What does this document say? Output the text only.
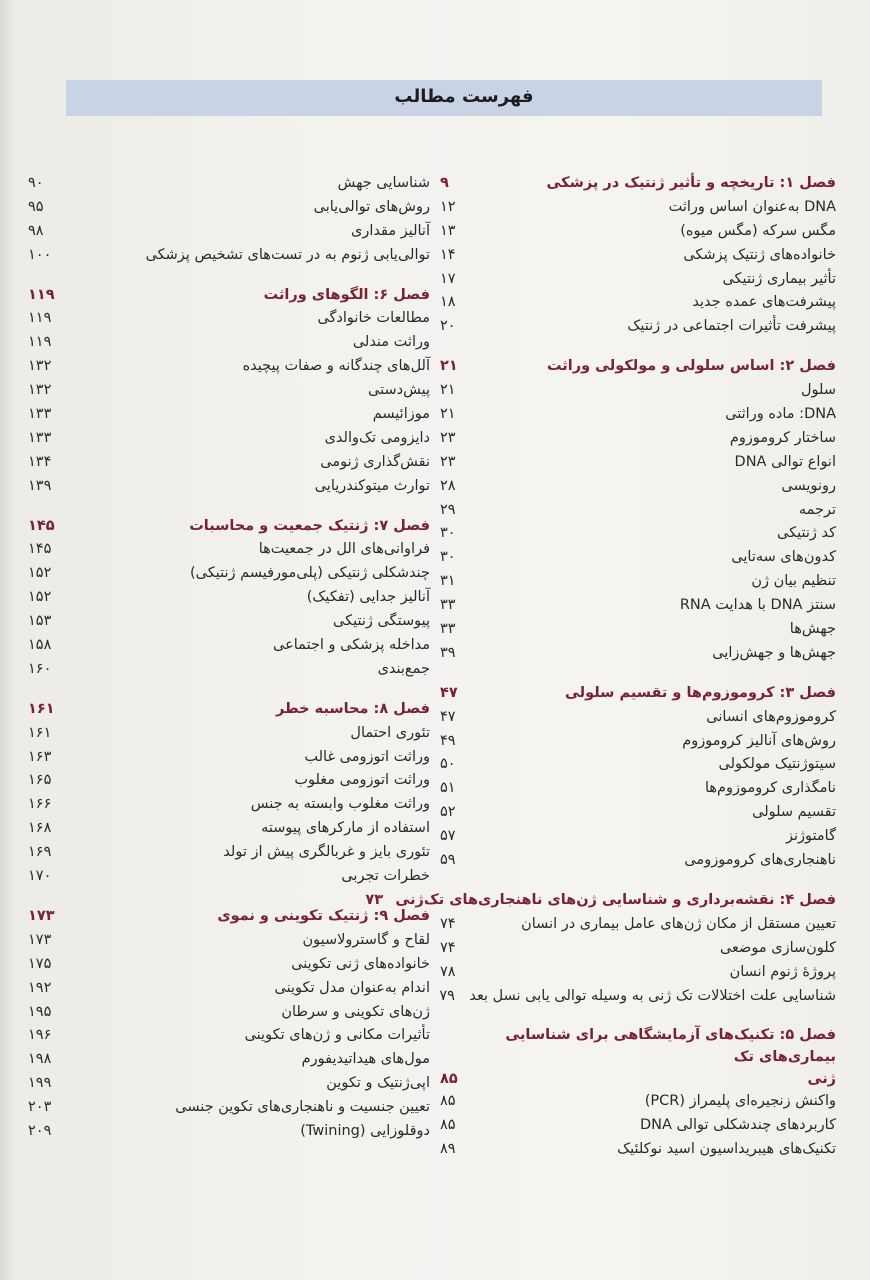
فهرست مطالب
فصل ۱: تاریخچه و تأثیر ژنتیک در پزشکی
۹
DNA به‌عنوان اساس وراثت
۱۲
مگس سرکه (مگس میوه)
۱۳
خانواده‌های ژنتیک پزشکی
۱۴
تأثیر بیماری ژنتیکی
۱۷
پیشرفت‌های عمده جدید
۱۸
پیشرفت تأثیرات اجتماعی در ژنتیک
۲۰
فصل ۲: اساس سلولی و مولکولی وراثت
۲۱
سلول
۲۱
DNA: ماده وراثتی
۲۱
ساختار کروموزوم
۲۳
انواع توالی DNA
۲۳
رونویسی
۲۸
ترجمه
۲۹
کد ژنتیکی
۳۰
کدون‌های سه‌تایی
۳۰
تنظیم بیان ژن
۳۱
سنتز DNA با هدایت RNA
۳۳
جهش‌ها
۳۳
جهش‌ها و جهش‌زایی
۳۹
فصل ۳: کروموزوم‌ها و تقسیم سلولی
۴۷
کروموزوم‌های انسانی
۴۷
روش‌های آنالیز کروموزوم
۴۹
سیتوژنتیک مولکولی
۵۰
نامگذاری کروموزوم‌ها
۵۱
تقسیم سلولی
۵۲
گامتوژنز
۵۷
ناهنجاری‌های کروموزومی
۵۹
فصل ۴: نقشه‌برداری و شناسایی ژن‌های ناهنجاری‌های تک‌ژنی
۷۳
تعیین مستقل از مکان ژن‌های عامل بیماری در انسان
۷۴
کلون‌سازی موضعی
۷۴
پروژهٔ ژنوم انسان
۷۸
شناسایی علت اختلالات تک ژنی به وسیله توالی یابی نسل بعد
۷۹
فصل ۵: تکنیک‌های آزمایشگاهی برای شناسایی بیماری‌های تک
ژنی
۸۵
واکنش زنجیره‌ای پلیمراز (PCR)
۸۵
کاربردهای چندشکلی توالی DNA
۸۵
تکنیک‌های هیبریداسیون اسید نوکلئیک
۸۹
شناسایی جهش
۹۰
روش‌های توالی‌یابی
۹۵
آنالیز مقداری
۹۸
توالی‌یابی ژنوم به در تست‌های تشخیص پزشکی
۱۰۰
فصل ۶: الگوهای وراثت
۱۱۹
مطالعات خانوادگی
۱۱۹
وراثت مندلی
۱۱۹
آلل‌های چندگانه و صفات پیچیده
۱۳۲
پیش‌دستی
۱۳۲
موزائیسم
۱۳۳
دایزومی تک‌والدی
۱۳۳
نقش‌گذاری ژنومی
۱۳۴
توارث میتوکندریایی
۱۳۹
فصل ۷: ژنتیک جمعیت و محاسبات
۱۴۵
فراوانی‌های الل در جمعیت‌ها
۱۴۵
چندشکلی ژنتیکی (پلی‌مورفیسم ژنتیکی)
۱۵۲
آنالیز جدایی (تفکیک)
۱۵۲
پیوستگی ژنتیکی
۱۵۳
مداخله پزشکی و اجتماعی
۱۵۸
جمع‌بندی
۱۶۰
فصل ۸: محاسبه خطر
۱۶۱
تئوری احتمال
۱۶۱
وراثت اتوزومی غالب
۱۶۳
وراثت اتوزومی مغلوب
۱۶۵
وراثت مغلوب وابسته به جنس
۱۶۶
استفاده از مارکرهای پیوسته
۱۶۸
تئوری بایز و غربالگری پیش از تولد
۱۶۹
خطرات تجربی
۱۷۰
فصل ۹: ژنتیک تکوینی و نموی
۱۷۳
لقاح و گاسترولاسیون
۱۷۳
خانواده‌های ژنی تکوینی
۱۷۵
اندام به‌عنوان مدل تکوینی
۱۹۲
ژن‌های تکوینی و سرطان
۱۹۵
تأثیرات مکانی و ژن‌های تکوینی
۱۹۶
مول‌های هیداتیدیفورم
۱۹۸
اپی‌ژنتیک و تکوین
۱۹۹
تعیین جنسیت و ناهنجاری‌های تکوین جنسی
۲۰۳
دوقلوزایی (Twining)
۲۰۹
